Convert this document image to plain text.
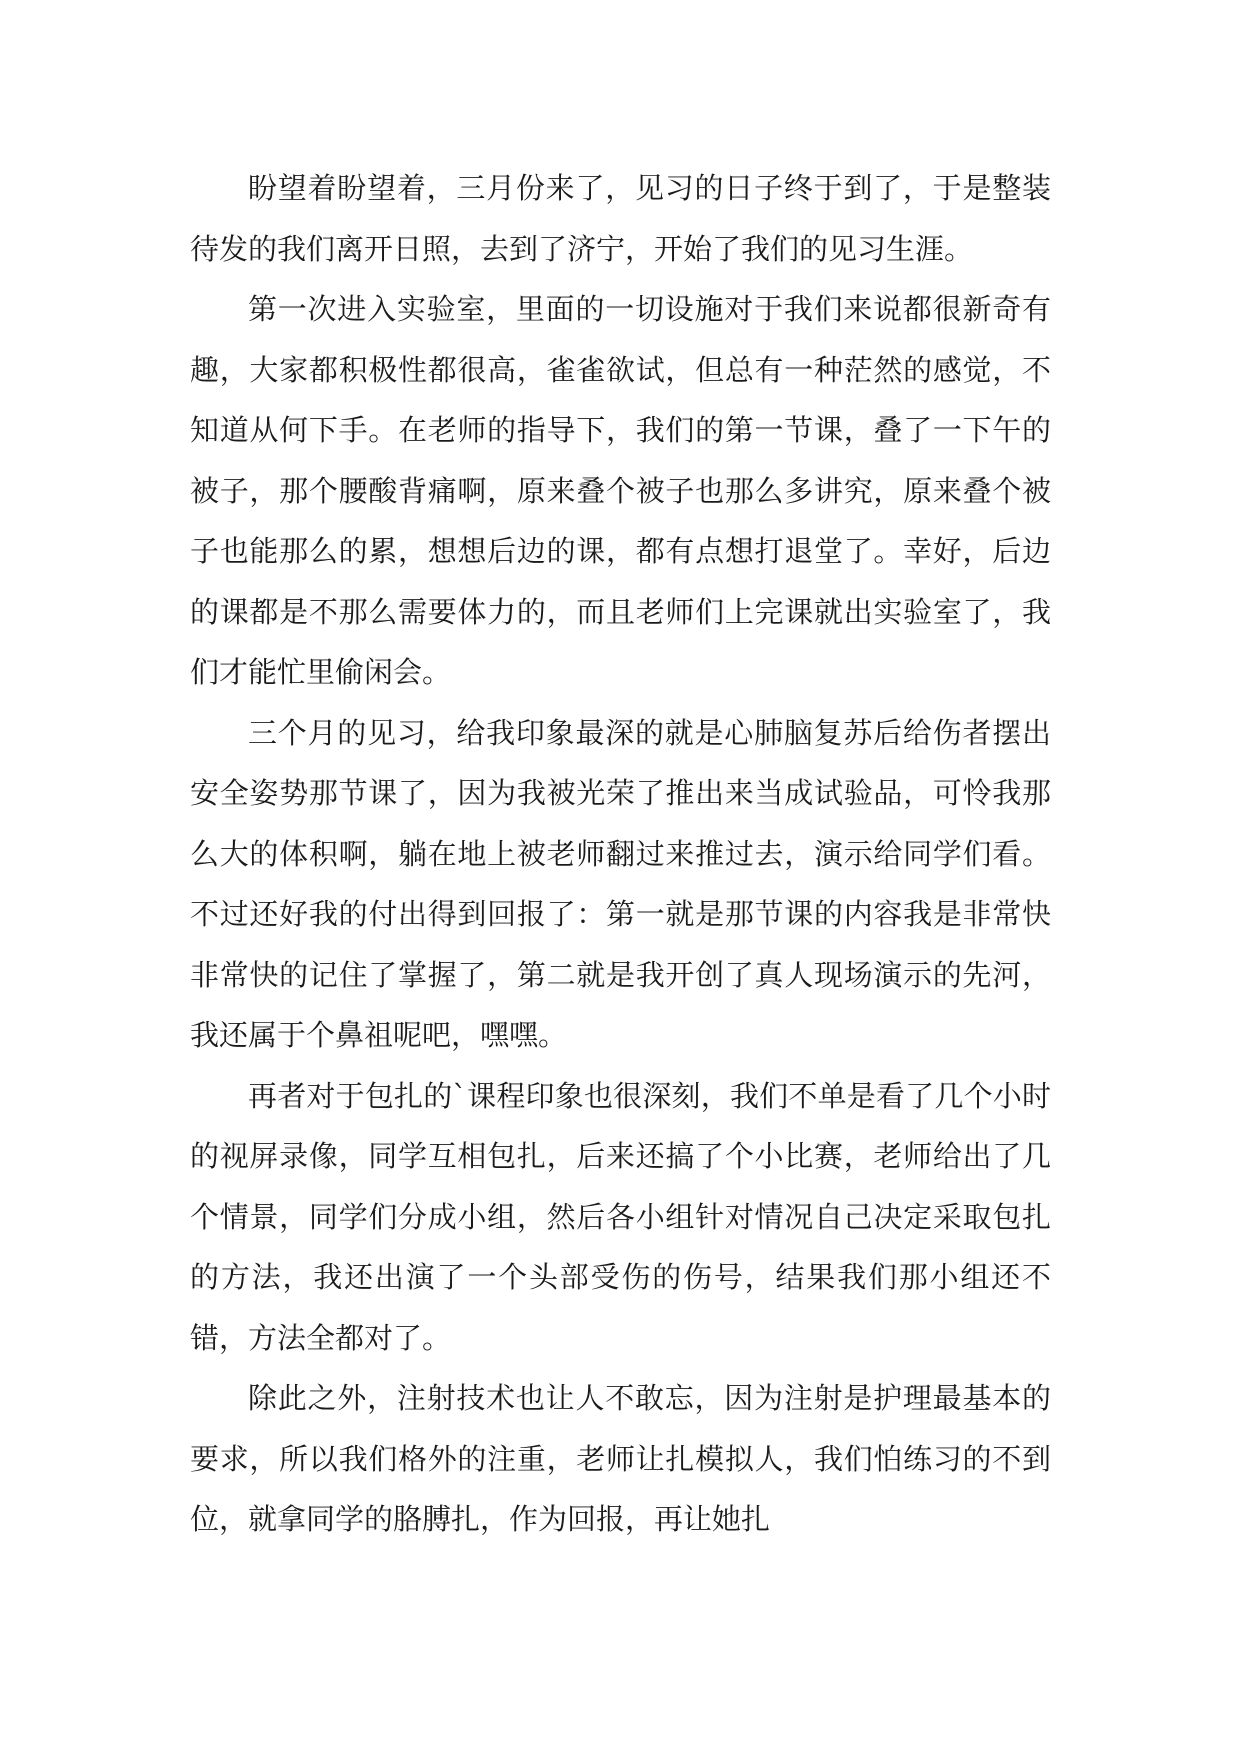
盼望着盼望着，三月份来了，见习的日子终于到了，于是整装待发的我们离开日照，去到了济宁，开始了我们的见习生涯。

第一次进入实验室，里面的一切设施对于我们来说都很新奇有趣，大家都积极性都很高，雀雀欲试，但总有一种茫然的感觉，不知道从何下手。在老师的指导下，我们的第一节课，叠了一下午的被子，那个腰酸背痛啊，原来叠个被子也那么多讲究，原来叠个被子也能那么的累，想想后边的课，都有点想打退堂了。幸好，后边的课都是不那么需要体力的，而且老师们上完课就出实验室了，我们才能忙里偷闲会。

三个月的见习，给我印象最深的就是心肺脑复苏后给伤者摆出安全姿势那节课了，因为我被光荣了推出来当成试验品，可怜我那么大的体积啊，躺在地上被老师翻过来推过去，演示给同学们看。不过还好我的付出得到回报了：第一就是那节课的内容我是非常快非常快的记住了掌握了，第二就是我开创了真人现场演示的先河，我还属于个鼻祖呢吧，嘿嘿。

再者对于包扎的`课程印象也很深刻，我们不单是看了几个小时的视屏录像，同学互相包扎，后来还搞了个小比赛，老师给出了几个情景，同学们分成小组，然后各小组针对情况自己决定采取包扎的方法，我还出演了一个头部受伤的伤号，结果我们那小组还不错，方法全都对了。

除此之外，注射技术也让人不敢忘，因为注射是护理最基本的要求，所以我们格外的注重，老师让扎模拟人，我们怕练习的不到位，就拿同学的胳膊扎，作为回报，再让她扎
